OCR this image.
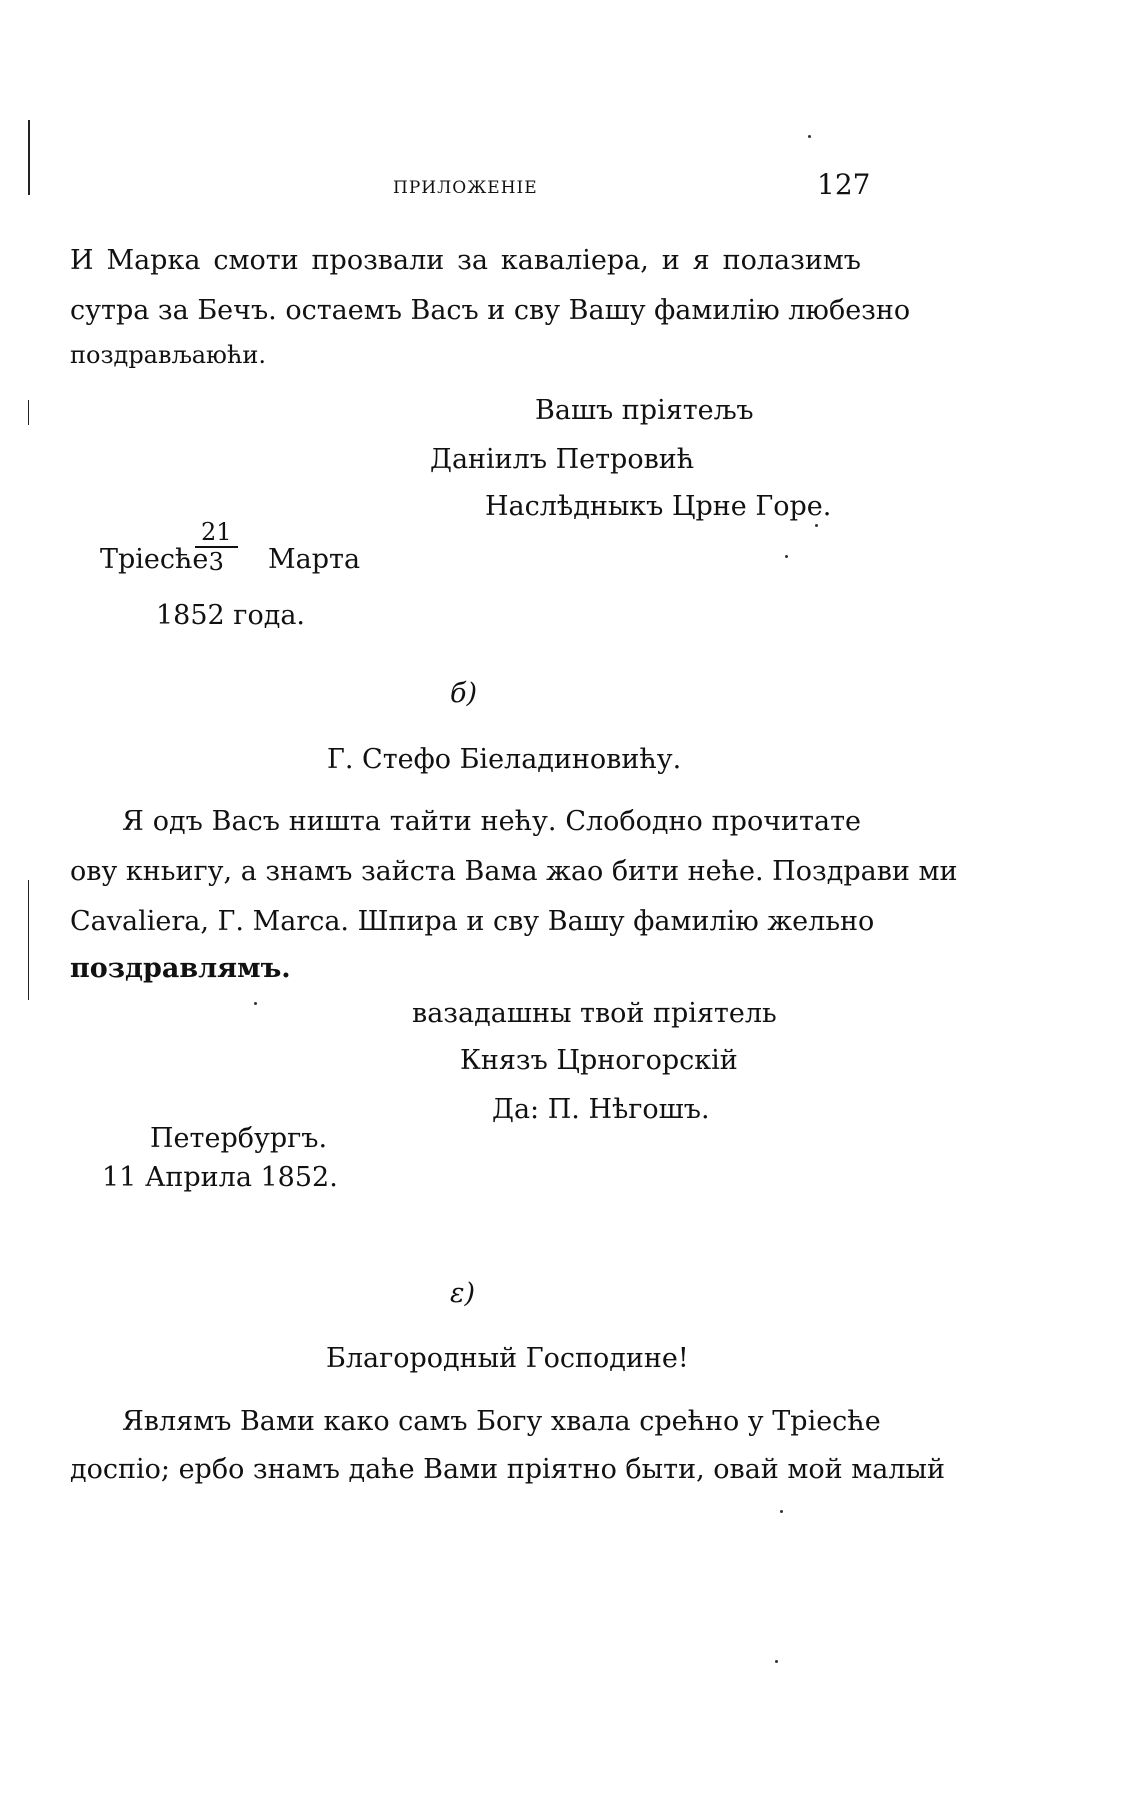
ПРИЛОЖЕНІЕ	127
И Марка смоти прозвали за каваліера, и я полазимъ
сутра за Бечъ. остаемъ Васъ и сву Вашу фамилію любезно
поздрављаюћи.
Вашъ пріятељъ
Даніилъ Петровић
Наслѣдныкъ Црне Горе.
Тріесће
$\frac{21}{3}$ Марта
1852 года.
б)
Г. Стефо Біеладиновићу.
Я одъ Васъ ништа тайти нећу. Слободно прочитате
ову кньигу, а знамъ зайста Вама жао бити неће. Поздрави ми
Cavaliera, Г. Marca. Шпира и сву Вашу фамилію жельно
поздравлямъ.
вазадашны твой пріятель
Князъ Црногорскій
Да: П. Нѣгошъ.
Петербургъ.
11 Априла 1852.
ε)
Благородный Господине!
Являмъ Вами како самъ Богу хвала срећно у Тріесће
доспіо; ербо знамъ даће Вами пріятно быти, овай мой малый
